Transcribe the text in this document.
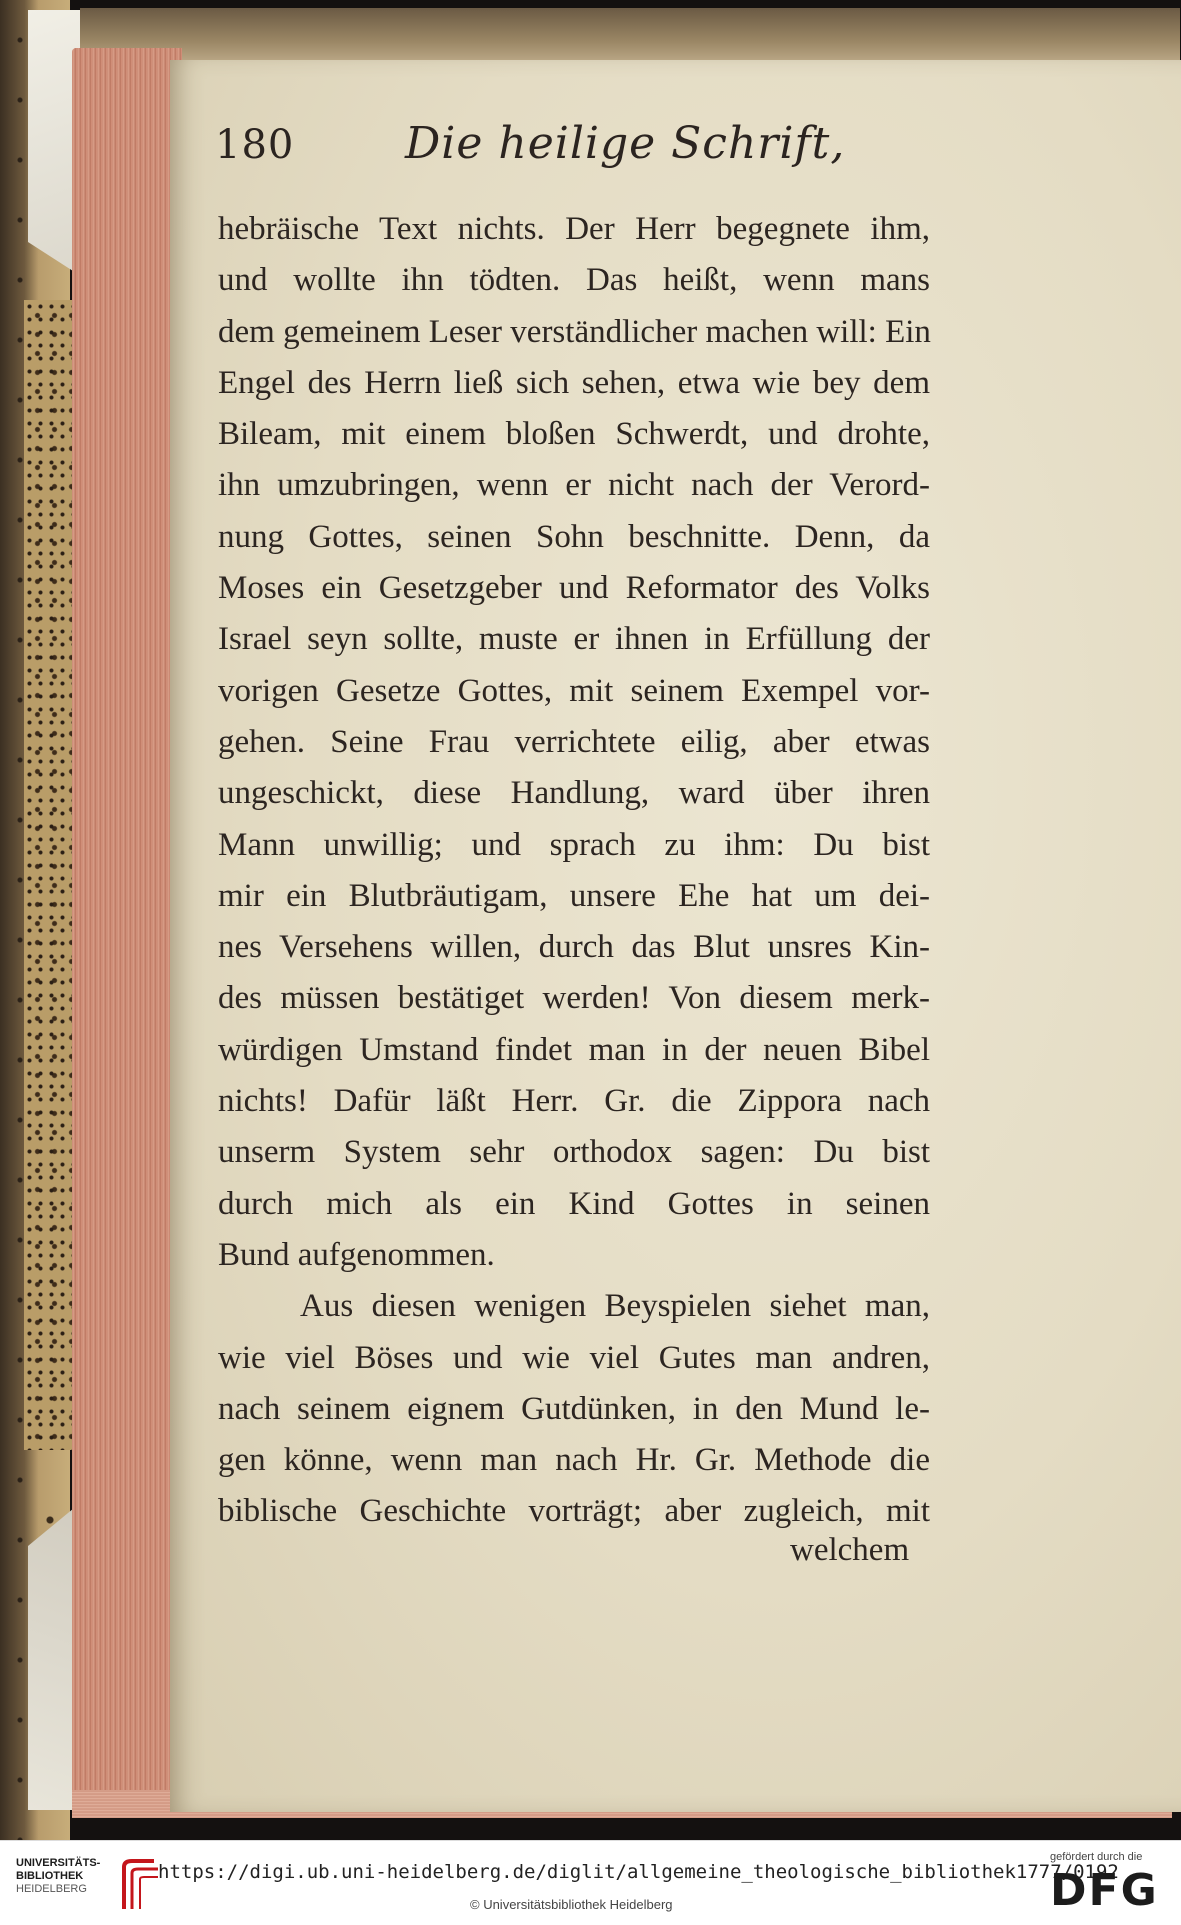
180	Die heilige Schrift,
hebräische Text nichts. Der Herr begegnete ihm,
und wollte ihn tödten. Das heißt, wenn mans
dem gemeinem Leser verständlicher machen will: Ein
Engel des Herrn ließ sich sehen, etwa wie bey dem
Bileam, mit einem bloßen Schwerdt, und drohte,
ihn umzubringen, wenn er nicht nach der Verord-
nung Gottes, seinen Sohn beschnitte. Denn, da
Moses ein Gesetzgeber und Reformator des Volks
Israel seyn sollte, muste er ihnen in Erfüllung der
vorigen Gesetze Gottes, mit seinem Exempel vor-
gehen. Seine Frau verrichtete eilig, aber etwas
ungeschickt, diese Handlung, ward über ihren
Mann unwillig; und sprach zu ihm: Du bist
mir ein Blutbräutigam, unsere Ehe hat um dei-
nes Versehens willen, durch das Blut unsres Kin-
des müssen bestätiget werden! Von diesem merk-
würdigen Umstand findet man in der neuen Bibel
nichts! Dafür läßt Herr. Gr. die Zippora nach
unserm System sehr orthodox sagen: Du bist
durch mich als ein Kind Gottes in seinen
Bund aufgenommen.
Aus diesen wenigen Beyspielen siehet man,
wie viel Böses und wie viel Gutes man andren,
nach seinem eignem Gutdünken, in den Mund le-
gen könne, wenn man nach Hr. Gr. Methode die
biblische Geschichte vorträgt; aber zugleich, mit
welchem
UNIVERSITÄTS-
BIBLIOTHEK
HEIDELBERG
https://digi.ub.uni-heidelberg.de/diglit/allgemeine_theologische_bibliothek1777/0192
© Universitätsbibliothek Heidelberg
gefördert durch die
DFG
